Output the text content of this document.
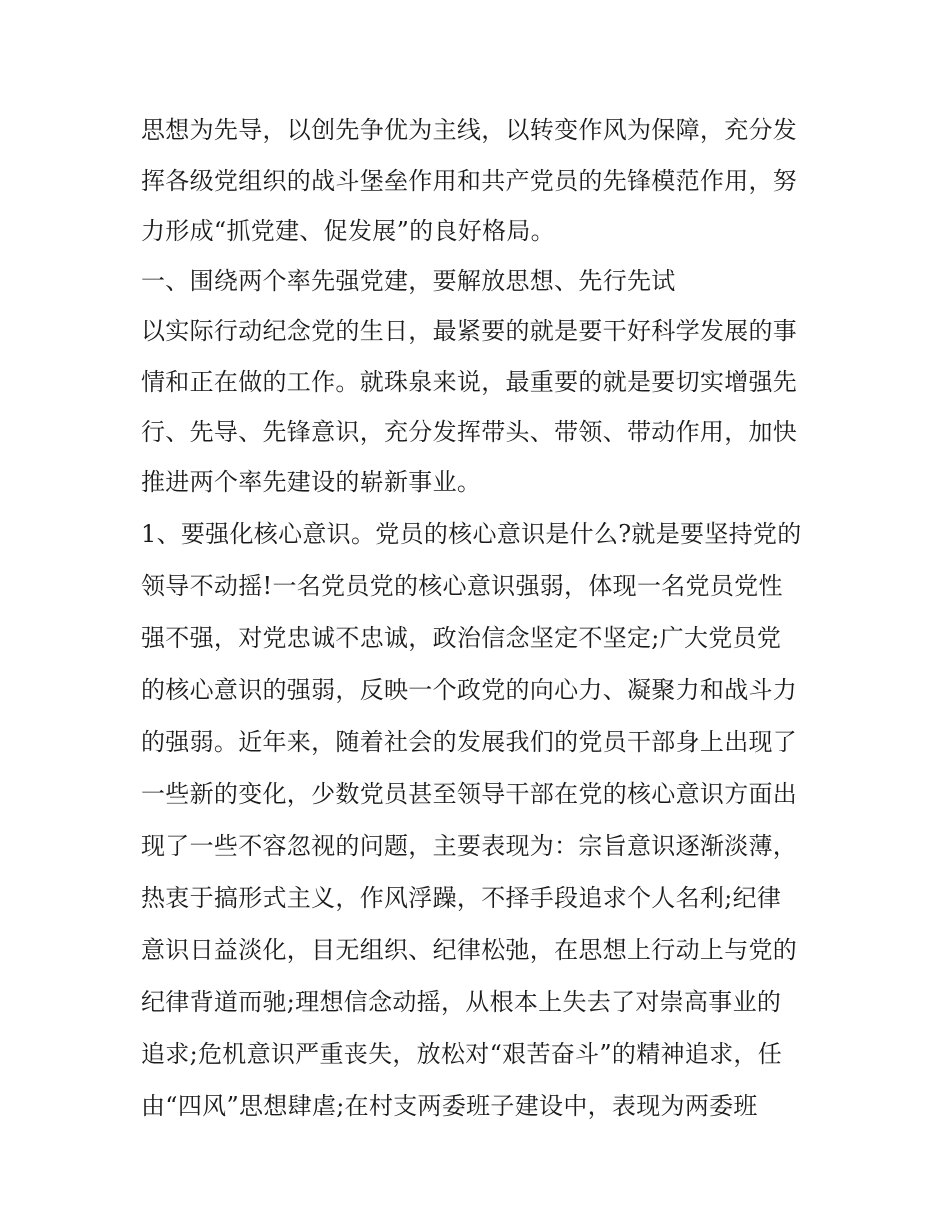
思想为先导，以创先争优为主线，以转变作风为保障，充分发
挥各级党组织的战斗堡垒作用和共产党员的先锋模范作用，努
力形成“抓党建、促发展”的良好格局。
一、围绕两个率先强党建，要解放思想、先行先试
以实际行动纪念党的生日，最紧要的就是要干好科学发展的事
情和正在做的工作。就珠泉来说，最重要的就是要切实增强先
行、先导、先锋意识，充分发挥带头、带领、带动作用，加快
推进两个率先建设的崭新事业。
1、要强化核心意识。党员的核心意识是什么?就是要坚持党的
领导不动摇!一名党员党的核心意识强弱，体现一名党员党性
强不强，对党忠诚不忠诚，政治信念坚定不坚定;广大党员党
的核心意识的强弱，反映一个政党的向心力、凝聚力和战斗力
的强弱。近年来，随着社会的发展我们的党员干部身上出现了
一些新的变化，少数党员甚至领导干部在党的核心意识方面出
现了一些不容忽视的问题，主要表现为：宗旨意识逐渐淡薄，
热衷于搞形式主义，作风浮躁，不择手段追求个人名利;纪律
意识日益淡化，目无组织、纪律松弛，在思想上行动上与党的
纪律背道而驰;理想信念动摇，从根本上失去了对崇高事业的
追求;危机意识严重丧失，放松对“艰苦奋斗”的精神追求，任
由“四风”思想肆虐;在村支两委班子建设中，表现为两委班
